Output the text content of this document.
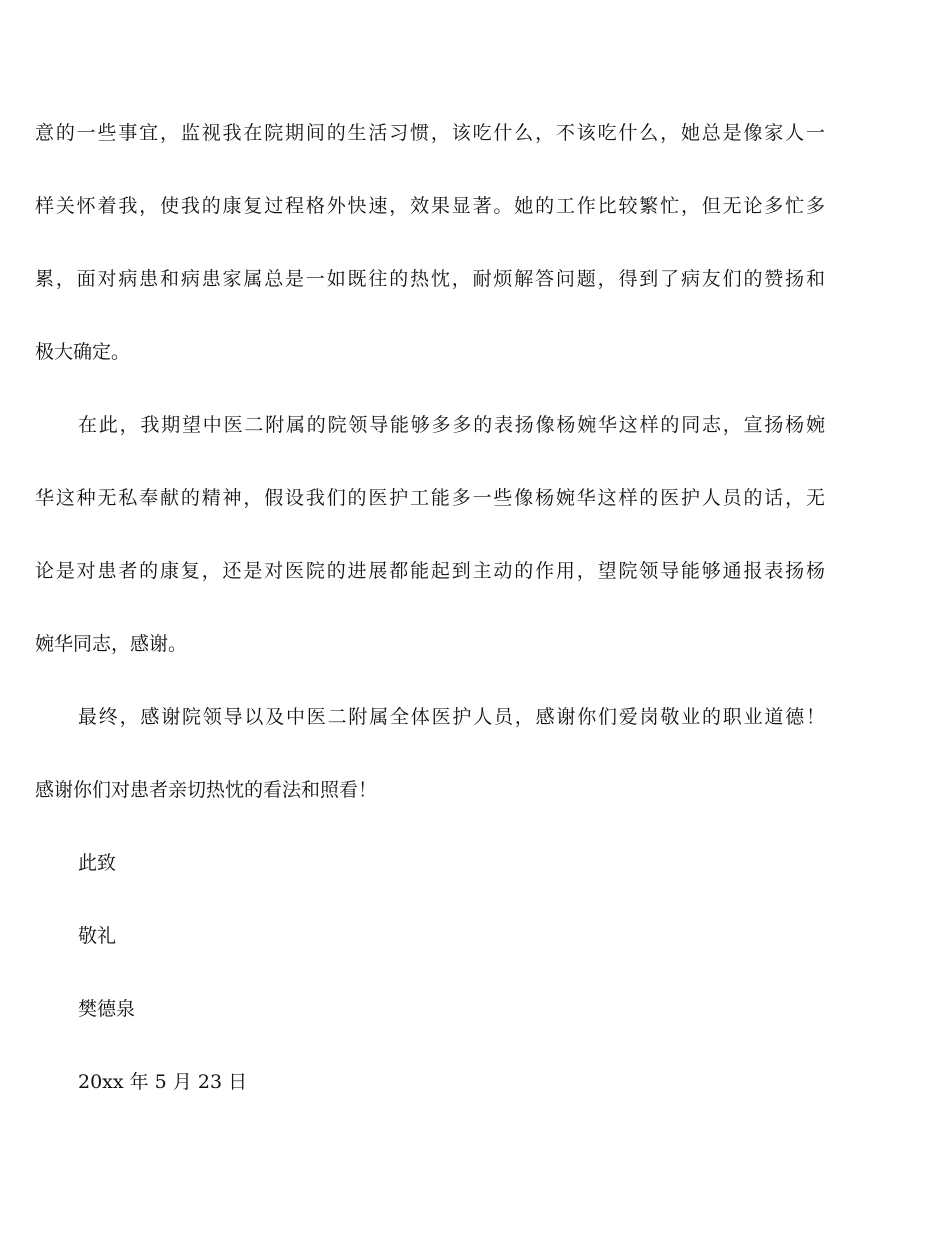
意的一些事宜，监视我在院期间的生活习惯，该吃什么，不该吃什么，她总是像家人一
样关怀着我，使我的康复过程格外快速，效果显著。她的工作比较繁忙，但无论多忙多
累，面对病患和病患家属总是一如既往的热忱，耐烦解答问题，得到了病友们的赞扬和
极大确定。
在此，我期望中医二附属的院领导能够多多的表扬像杨婉华这样的同志，宣扬杨婉
华这种无私奉献的精神，假设我们的医护工能多一些像杨婉华这样的医护人员的话，无
论是对患者的康复，还是对医院的进展都能起到主动的作用，望院领导能够通报表扬杨
婉华同志，感谢。
最终，感谢院领导以及中医二附属全体医护人员，感谢你们爱岗敬业的职业道德！
感谢你们对患者亲切热忱的看法和照看！
此致
敬礼
樊德泉
20xx 年 5 月 23 日
